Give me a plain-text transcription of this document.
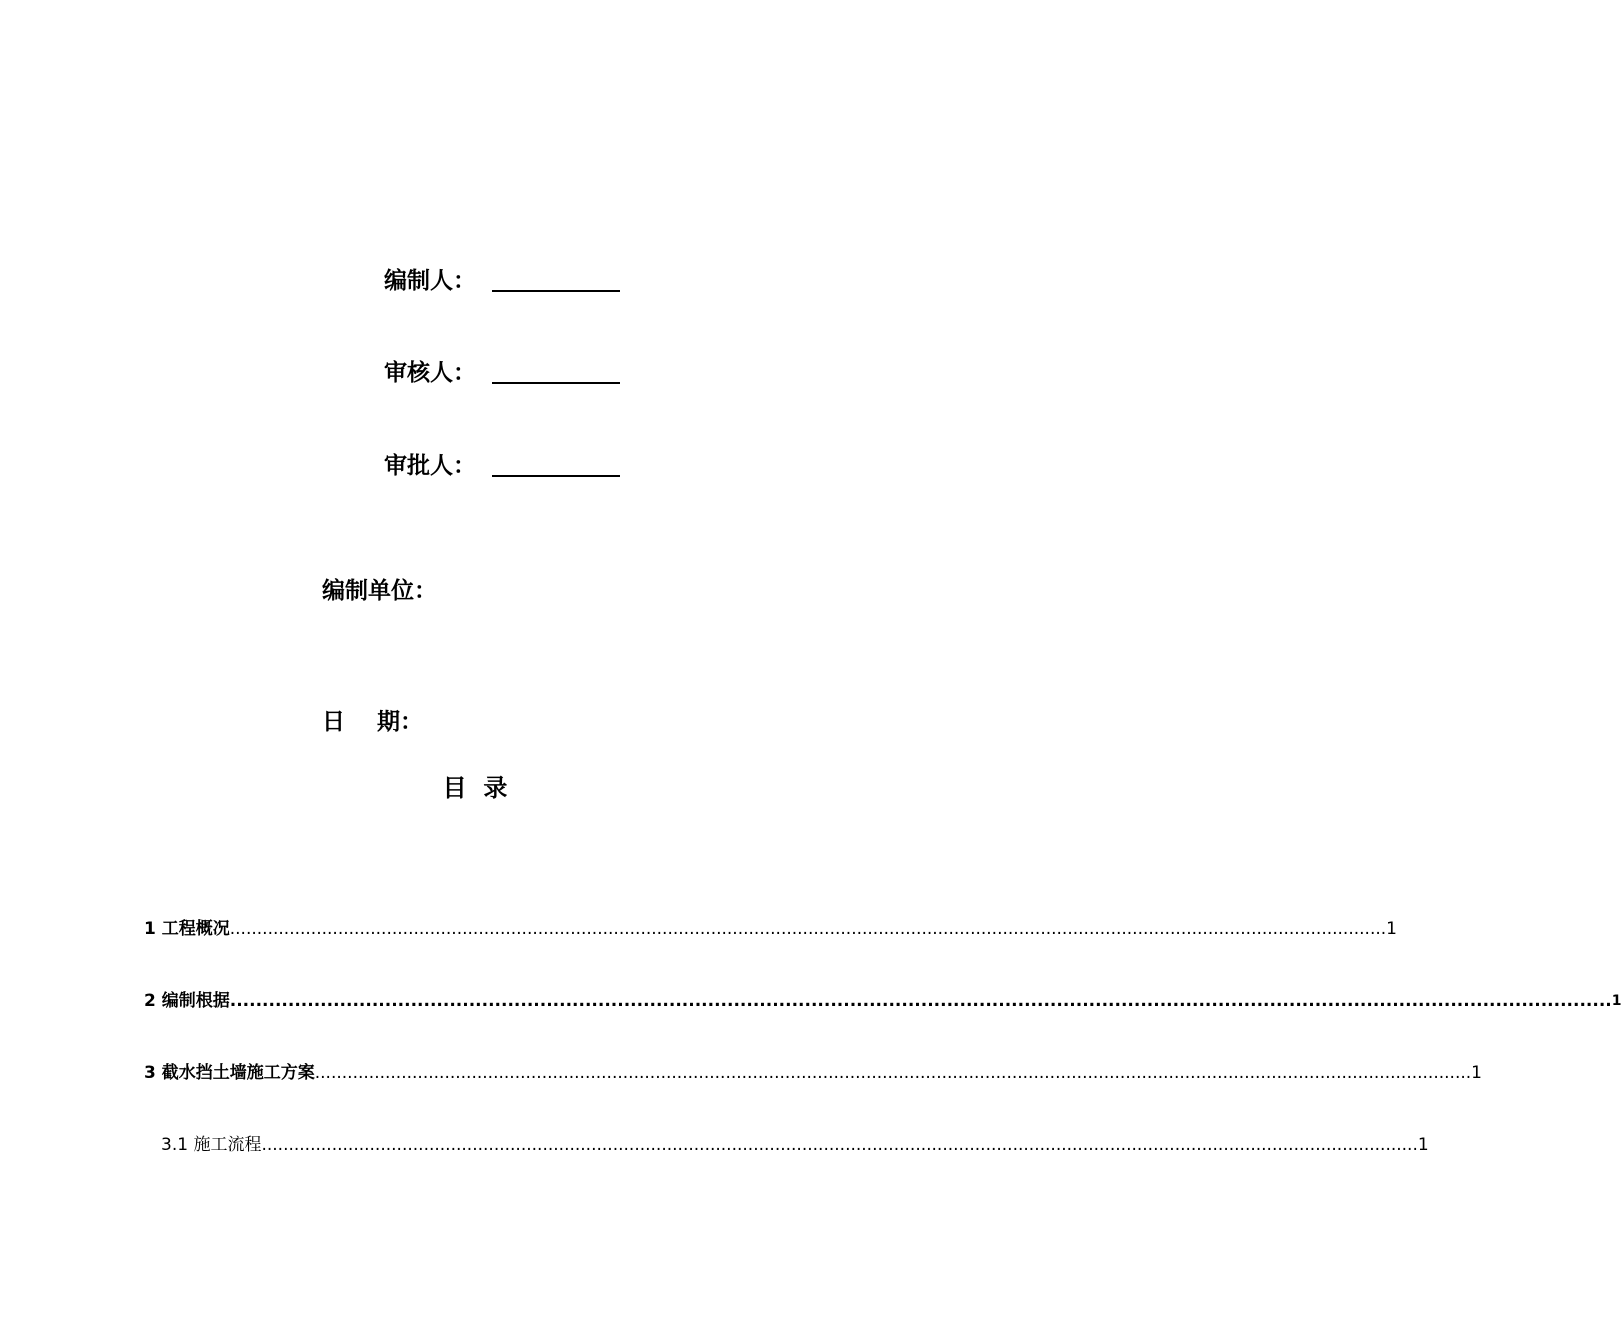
编制人：
审核人：
审批人：
编制单位：
日    期：
目  录
1 工程概况 ...................................................................................................................................................................................................................... 1
2 编制根据 ...................................................................................................................................................................................................................... 1
3 截水挡土墙施工方案 ...................................................................................................................................................................................................................... 1
3.1 施工流程 ...................................................................................................................................................................................................................... 1
